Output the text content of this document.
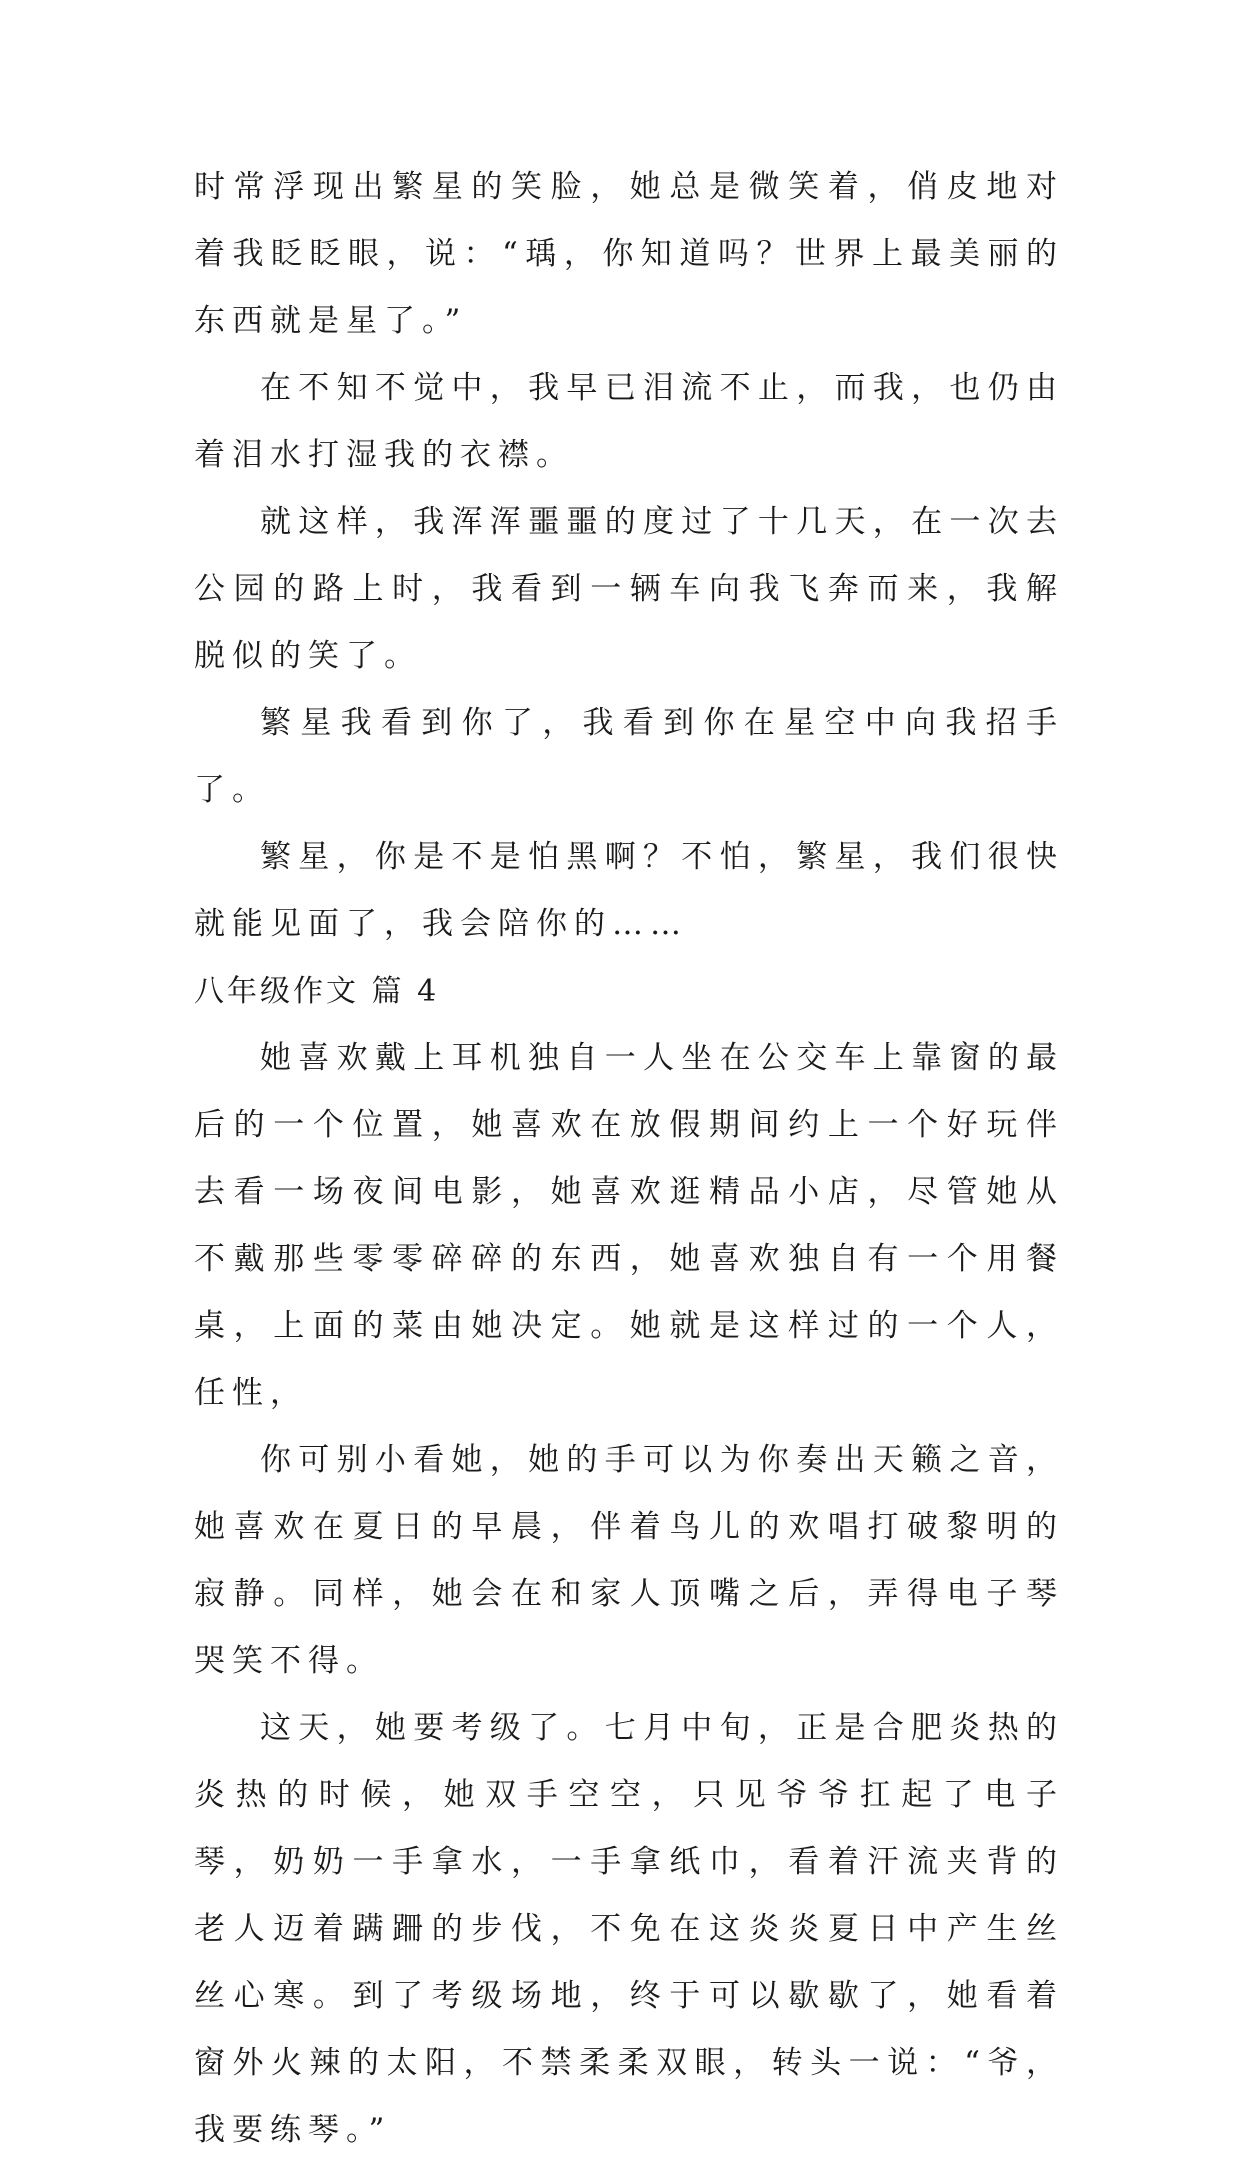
时常浮现出繁星的笑脸，她总是微笑着，俏皮地对着我眨眨眼，说：“瑀，你知道吗？世界上最美丽的东西就是星了。”

在不知不觉中，我早已泪流不止，而我，也仍由着泪水打湿我的衣襟。

就这样，我浑浑噩噩的度过了十几天，在一次去公园的路上时，我看到一辆车向我飞奔而来，我解脱似的笑了。

繁星我看到你了，我看到你在星空中向我招手了。

繁星，你是不是怕黑啊？不怕，繁星，我们很快就能见面了，我会陪你的……

八年级作文 篇 4

她喜欢戴上耳机独自一人坐在公交车上靠窗的最后的一个位置，她喜欢在放假期间约上一个好玩伴去看一场夜间电影，她喜欢逛精品小店，尽管她从不戴那些零零碎碎的东西，她喜欢独自有一个用餐桌，上面的菜由她决定。她就是这样过的一个人，任性，

你可别小看她，她的手可以为你奏出天籁之音，她喜欢在夏日的早晨，伴着鸟儿的欢唱打破黎明的寂静。同样，她会在和家人顶嘴之后，弄得电子琴哭笑不得。

这天，她要考级了。七月中旬，正是合肥炎热的炎热的时候，她双手空空，只见爷爷扛起了电子琴，奶奶一手拿水，一手拿纸巾，看着汗流夹背的老人迈着蹒跚的步伐，不免在这炎炎夏日中产生丝丝心寒。到了考级场地，终于可以歇歇了，她看着窗外火辣的太阳，不禁柔柔双眼，转头一说：“爷，我要练琴。”
